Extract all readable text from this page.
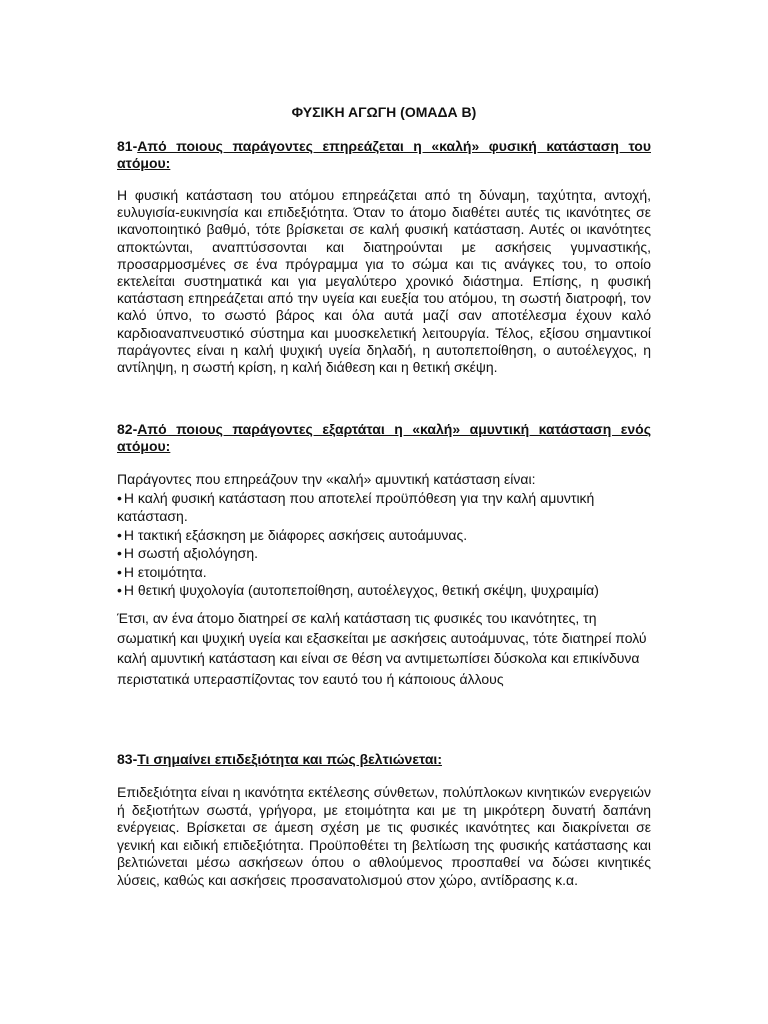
ΦΥΣΙΚΗ ΑΓΩΓΗ (ΟΜΑΔΑ Β)
81-Από ποιους παράγοντες επηρεάζεται η «καλή» φυσική κατάσταση του ατόμου:
Η φυσική κατάσταση του ατόμου επηρεάζεται από τη δύναμη, ταχύτητα, αντοχή, ευλυγισία-ευκινησία και επιδεξιότητα. Όταν το άτομο διαθέτει αυτές τις ικανότητες σε ικανοποιητικό βαθμό, τότε βρίσκεται σε καλή φυσική κατάσταση. Αυτές οι ικανότητες αποκτώνται, αναπτύσσονται και διατηρούνται με ασκήσεις γυμναστικής, προσαρμοσμένες σε ένα πρόγραμμα για το σώμα και τις ανάγκες του, το οποίο εκτελείται συστηματικά και για μεγαλύτερο χρονικό διάστημα. Επίσης, η φυσική κατάσταση επηρεάζεται από την υγεία και ευεξία του ατόμου, τη σωστή διατροφή, τον καλό ύπνο, το σωστό βάρος και όλα αυτά μαζί σαν αποτέλεσμα έχουν καλό καρδιοαναπνευστικό σύστημα και μυοσκελετική λειτουργία. Τέλος, εξίσου σημαντικοί παράγοντες είναι η καλή ψυχική υγεία δηλαδή, η αυτοπεποίθηση, ο αυτοέλεγχος, η αντίληψη, η σωστή κρίση, η καλή διάθεση και η θετική σκέψη.
82-Από ποιους παράγοντες εξαρτάται η «καλή» αμυντική κατάσταση ενός ατόμου:
Παράγοντες που επηρεάζουν την «καλή» αμυντική κατάσταση είναι:
• Η καλή φυσική κατάσταση που αποτελεί προϋπόθεση για την καλή αμυντική κατάσταση.
• Η τακτική εξάσκηση με διάφορες ασκήσεις αυτοάμυνας.
• Η σωστή αξιολόγηση.
• Η ετοιμότητα.
• Η θετική ψυχολογία (αυτοπεποίθηση, αυτοέλεγχος, θετική σκέψη, ψυχραιμία)
Έτσι, αν ένα άτομο διατηρεί σε καλή κατάσταση τις φυσικές του ικανότητες, τη σωματική και ψυχική υγεία και εξασκείται με ασκήσεις αυτοάμυνας, τότε διατηρεί πολύ καλή αμυντική κατάσταση και είναι σε θέση να αντιμετωπίσει δύσκολα και επικίνδυνα περιστατικά υπερασπίζοντας τον εαυτό του ή κάποιους άλλους
83-Τι σημαίνει επιδεξιότητα και πώς βελτιώνεται:
Επιδεξιότητα είναι η ικανότητα εκτέλεσης σύνθετων, πολύπλοκων κινητικών ενεργειών ή δεξιοτήτων σωστά, γρήγορα, με ετοιμότητα και με τη μικρότερη δυνατή δαπάνη ενέργειας. Βρίσκεται σε άμεση σχέση με τις φυσικές ικανότητες και διακρίνεται σε γενική και ειδική επιδεξιότητα. Προϋποθέτει τη βελτίωση της φυσικής κατάστασης και βελτιώνεται μέσω ασκήσεων όπου ο αθλούμενος προσπαθεί να δώσει κινητικές λύσεις, καθώς και ασκήσεις προσανατολισμού στον χώρο, αντίδρασης κ.α.
